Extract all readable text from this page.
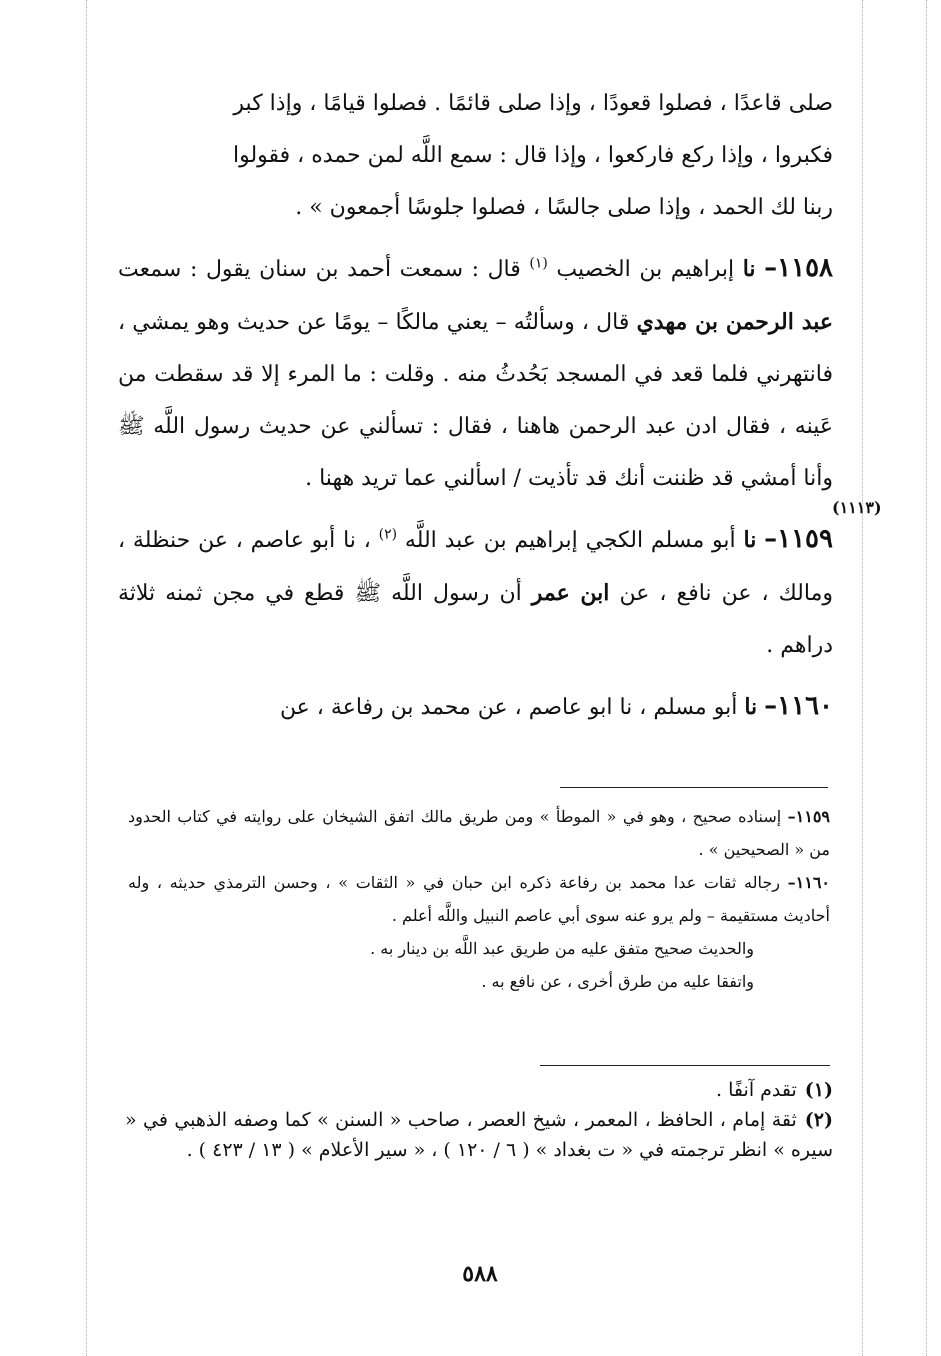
صلى قاعدًا ، فصلوا قعودًا ، وإذا صلى قائمًا . فصلوا قيامًا ، وإذا كبر

فكبروا ، وإذا ركع فاركعوا ، وإذا قال : سمع اللَّه لمن حمده ، فقولوا

ربنا لك الحمد ، وإذا صلى جالسًا ، فصلوا جلوسًا أجمعون » .

١١٥٨– نا إبراهيم بن الخصيب $^{(١)}$ قال : سمعت أحمد بن سنان يقول : سمعت عبد الرحمن بن مهدي قال ، وسألتُه – يعني مالكًا – يومًا عن حديث وهو يمشي ، فانتهرني فلما قعد في المسجد بَحُدثُ منه . وقلت : ما المرء إلا قد سقطت من عَينه ، فقال ادن عبد الرحمن هاهنا ، فقال : تسألني عن حديث رسول اللَّه ﷺ وأنا أمشي قد ظننت أنك قد تأذيت / اسألني عما تريد ههنا .

١١٥٩– نا أبو مسلم الكجي إبراهيم بن عبد اللَّه $^{(٢)}$ ، نا أبو عاصم ، عن حنظلة ، ومالك ، عن نافع ، عن ابن عمر أن رسول اللَّه ﷺ قطع في مجن ثمنه ثلاثة دراهم .

١١٦٠– نا أبو مسلم ، نا ابو عاصم ، عن محمد بن رفاعة ، عن

(١١١٣)

١١٥٩– إسناده صحيح ، وهو في « الموطأ » ومن طريق مالك اتفق الشيخان على روايته في كتاب الحدود من « الصحيحين » .

١١٦٠– رجاله ثقات عدا محمد بن رفاعة ذكره ابن حبان في « الثقات » ، وحسن الترمذي حديثه ، وله أحاديث مستقيمة – ولم يرو عنه سوى أبي عاصم النبيل واللَّه أعلم .

والحديث صحيح متفق عليه من طريق عبد اللَّه بن دينار به .

واتفقا عليه من طرق أخرى ، عن نافع به .

(١)تقدم آنفًا .

(٢)ثقة إمام ، الحافظ ، المعمر ، شيخ العصر ، صاحب « السنن » كما وصفه الذهبي في « سيره » انظر ترجمته في « ت بغداد » ( ٦ / ١٢٠ ) ، « سير الأعلام » ( ١٣ / ٤٢٣ ) .

٥٨٨
